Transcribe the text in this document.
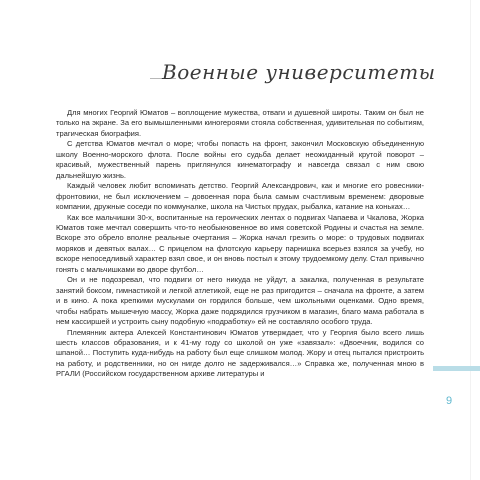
Военные университеты

Для многих Георгий Юматов – воплощение мужества, отваги и душевной широты. Таким он был не только на экране. За его вымышленными киногероями стояла собственная, удивительная по событиям, трагическая биография.

С детства Юматов мечтал о море; чтобы попасть на фронт, закончил Московскую объединенную школу Военно-морского флота. После войны его судьба делает неожиданный крутой поворот – красивый, мужественный парень приглянулся кинематографу и навсегда связал с ним свою дальнейшую жизнь.

Каждый человек любит вспоминать детство. Георгий Александрович, как и многие его ровесники-фронтовики, не был исключением – довоенная пора была самым счастливым временем: дворовые компании, дружные соседи по коммуналке, школа на Чистых прудах, рыбалка, катание на коньках…

Как все мальчишки 30-х, воспитанные на героических лентах о подвигах Чапаева и Чкалова, Жорка Юматов тоже мечтал совершить что-то необыкновенное во имя советской Родины и счастья на земле. Вскоре это обрело вполне реальные очертания – Жорка начал грезить о море: о трудовых подвигах моряков и девятых валах… С прицелом на флотскую карьеру парнишка всерьез взялся за учебу, но вскоре непоседливый характер взял свое, и он вновь постыл к этому трудоемкому делу. Стал привычно гонять с мальчишками во дворе футбол…

Он и не подозревал, что подвиги от него никуда не уйдут, а закалка, полученная в результате занятий боксом, гимнастикой и легкой атлетикой, еще не раз пригодится – сначала на фронте, а затем и в кино. А пока крепкими мускулами он гордился больше, чем школьными оценками. Одно время, чтобы набрать мышечную массу, Жорка даже подрядился грузчиком в магазин, благо мама работала в нем кассиршей и устроить сыну подобную «подработку» ей не составляло особого труда.

Племянник актера Алексей Константинович Юматов утверждает, что у Георгия было всего лишь шесть классов образования, и к 41-му году со школой он уже «завязал»: «Двоечник, водился со шпаной… Поступить куда-нибудь на работу был еще слишком молод. Жору и отец пытался пристроить на работу, и родственники, но он нигде долго не задерживался…» Справка же, полученная мною в РГАЛИ (Российском государственном архиве литературы и

9
